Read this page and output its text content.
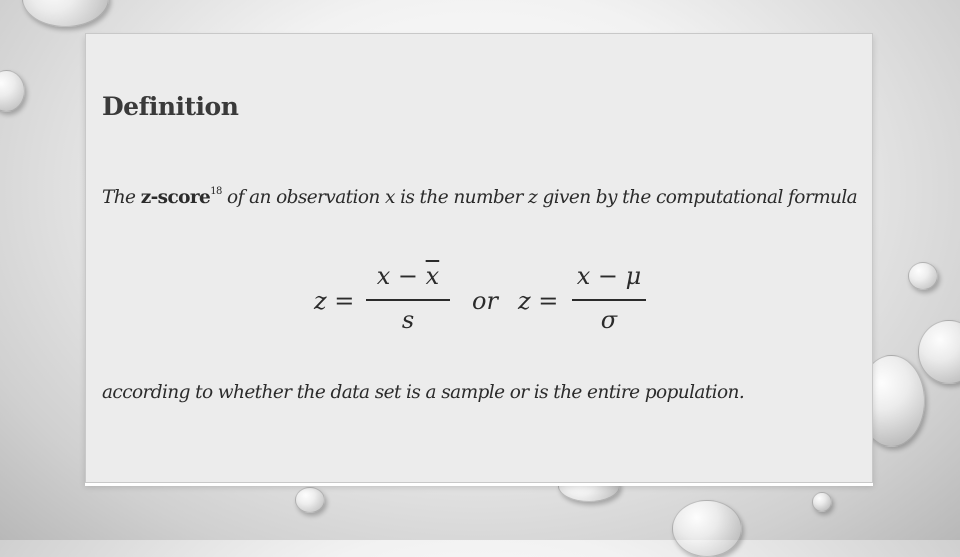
Definition
The z-score$^{18}$ of an observation x is the number z given by the computational formula
z =
$x - \overline{x}$
s
or z =
x − μ
σ
according to whether the data set is a sample or is the entire population.
